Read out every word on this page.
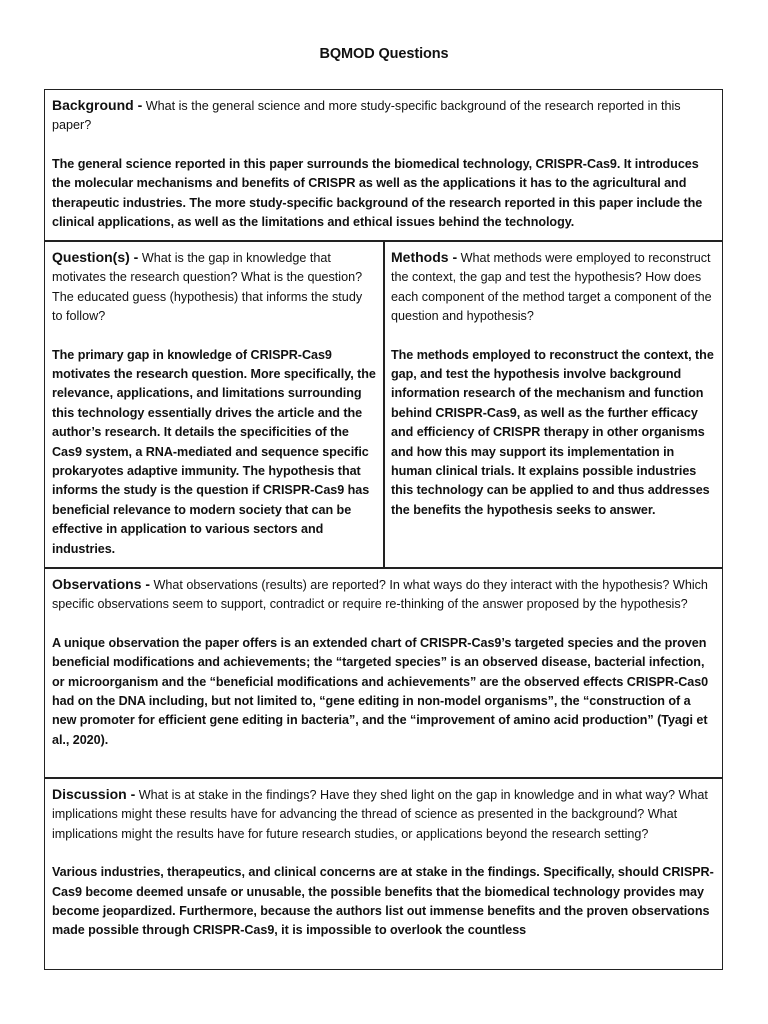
BQMOD Questions
Background - What is the general science and more study-specific background of the research reported in this paper?
The general science reported in this paper surrounds the biomedical technology, CRISPR-Cas9. It introduces the molecular mechanisms and benefits of CRISPR as well as the applications it has to the agricultural and therapeutic industries. The more study-specific background of the research reported in this paper include the clinical applications, as well as the limitations and ethical issues behind the technology.
Question(s) - What is the gap in knowledge that motivates the research question? What is the question? The educated guess (hypothesis) that informs the study to follow?
The primary gap in knowledge of CRISPR-Cas9 motivates the research question. More specifically, the relevance, applications, and limitations surrounding this technology essentially drives the article and the author’s research. It details the specificities of the Cas9 system, a RNA-mediated and sequence specific prokaryotes adaptive immunity. The hypothesis that informs the study is the question if CRISPR-Cas9 has beneficial relevance to modern society that can be effective in application to various sectors and industries.
Methods - What methods were employed to reconstruct the context, the gap and test the hypothesis? How does each component of the method target a component of the question and hypothesis?
The methods employed to reconstruct the context, the gap, and test the hypothesis involve background information research of the mechanism and function behind CRISPR-Cas9, as well as the further efficacy and efficiency of CRISPR therapy in other organisms and how this may support its implementation in human clinical trials. It explains possible industries this technology can be applied to and thus addresses the benefits the hypothesis seeks to answer.
Observations - What observations (results) are reported? In what ways do they interact with the hypothesis? Which specific observations seem to support, contradict or require re-thinking of the answer proposed by the hypothesis?
A unique observation the paper offers is an extended chart of CRISPR-Cas9’s targeted species and the proven beneficial modifications and achievements; the “targeted species” is an observed disease, bacterial infection, or microorganism and the “beneficial modifications and achievements” are the observed effects CRISPR-Cas0 had on the DNA including, but not limited to, “gene editing in non-model organisms”, the “construction of a new promoter for efficient gene editing in bacteria”, and the “improvement of amino acid production” (Tyagi et al., 2020).
Discussion - What is at stake in the findings? Have they shed light on the gap in knowledge and in what way? What implications might these results have for advancing the thread of science as presented in the background? What implications might the results have for future research studies, or applications beyond the research setting?
Various industries, therapeutics, and clinical concerns are at stake in the findings. Specifically, should CRISPR-Cas9 become deemed unsafe or unusable, the possible benefits that the biomedical technology provides may become jeopardized. Furthermore, because the authors list out immense benefits and the proven observations made possible through CRISPR-Cas9, it is impossible to overlook the countless
